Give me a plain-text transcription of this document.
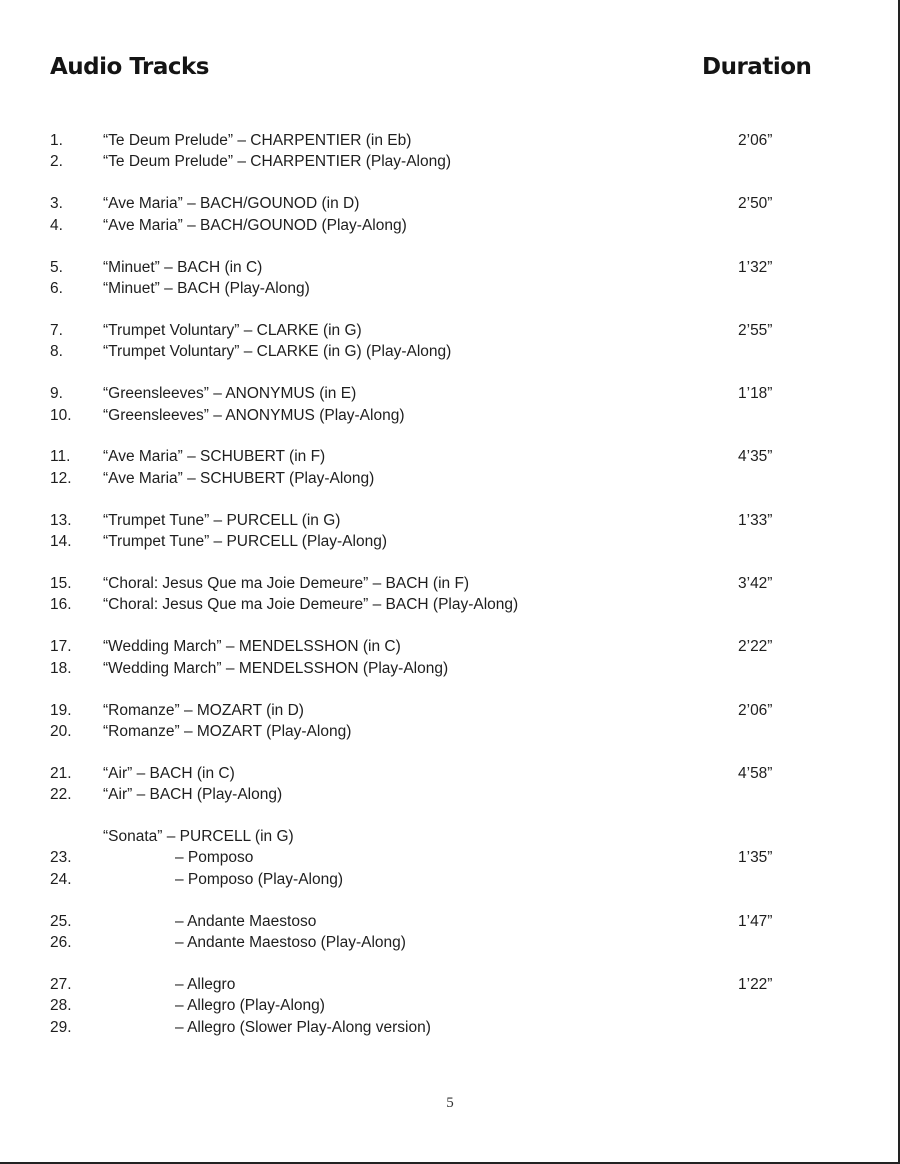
Audio Tracks	Duration
1.	“Te Deum Prelude” – CHARPENTIER (in Eb)	2’06”
2.	“Te Deum Prelude” – CHARPENTIER (Play-Along)
3.	“Ave Maria” – BACH/GOUNOD (in D)	2’50”
4.	“Ave Maria” – BACH/GOUNOD (Play-Along)
5.	“Minuet” – BACH (in C)	1’32”
6.	“Minuet” – BACH (Play-Along)
7.	“Trumpet Voluntary” – CLARKE (in G)	2’55”
8.	“Trumpet Voluntary” – CLARKE (in G) (Play-Along)
9.	“Greensleeves” – ANONYMUS (in E)	1’18”
10. “Greensleeves” – ANONYMUS (Play-Along)
11. “Ave Maria” – SCHUBERT (in F)	4’35”
12. “Ave Maria” – SCHUBERT (Play-Along)
13. “Trumpet Tune” – PURCELL (in G)	1’33”
14. “Trumpet Tune” – PURCELL (Play-Along)
15. “Choral: Jesus Que ma Joie Demeure” – BACH (in F)	3’42”
16. “Choral: Jesus Que ma Joie Demeure” – BACH (Play-Along)
17. “Wedding March” – MENDELSSHON (in C)	2’22”
18. “Wedding March” – MENDELSSHON (Play-Along)
19. “Romanze” – MOZART (in D)	2’06”
20. “Romanze” – MOZART (Play-Along)
21. “Air” – BACH (in C)	4’58”
22. “Air” – BACH (Play-Along)
“Sonata” – PURCELL (in G)
23.	– Pomposo	1’35”
24.	– Pomposo (Play-Along)
25.	– Andante Maestoso	1’47”
26.	– Andante Maestoso (Play-Along)
27.	– Allegro	1’22”
28.	– Allegro (Play-Along)
29.	– Allegro (Slower Play-Along version)
5
